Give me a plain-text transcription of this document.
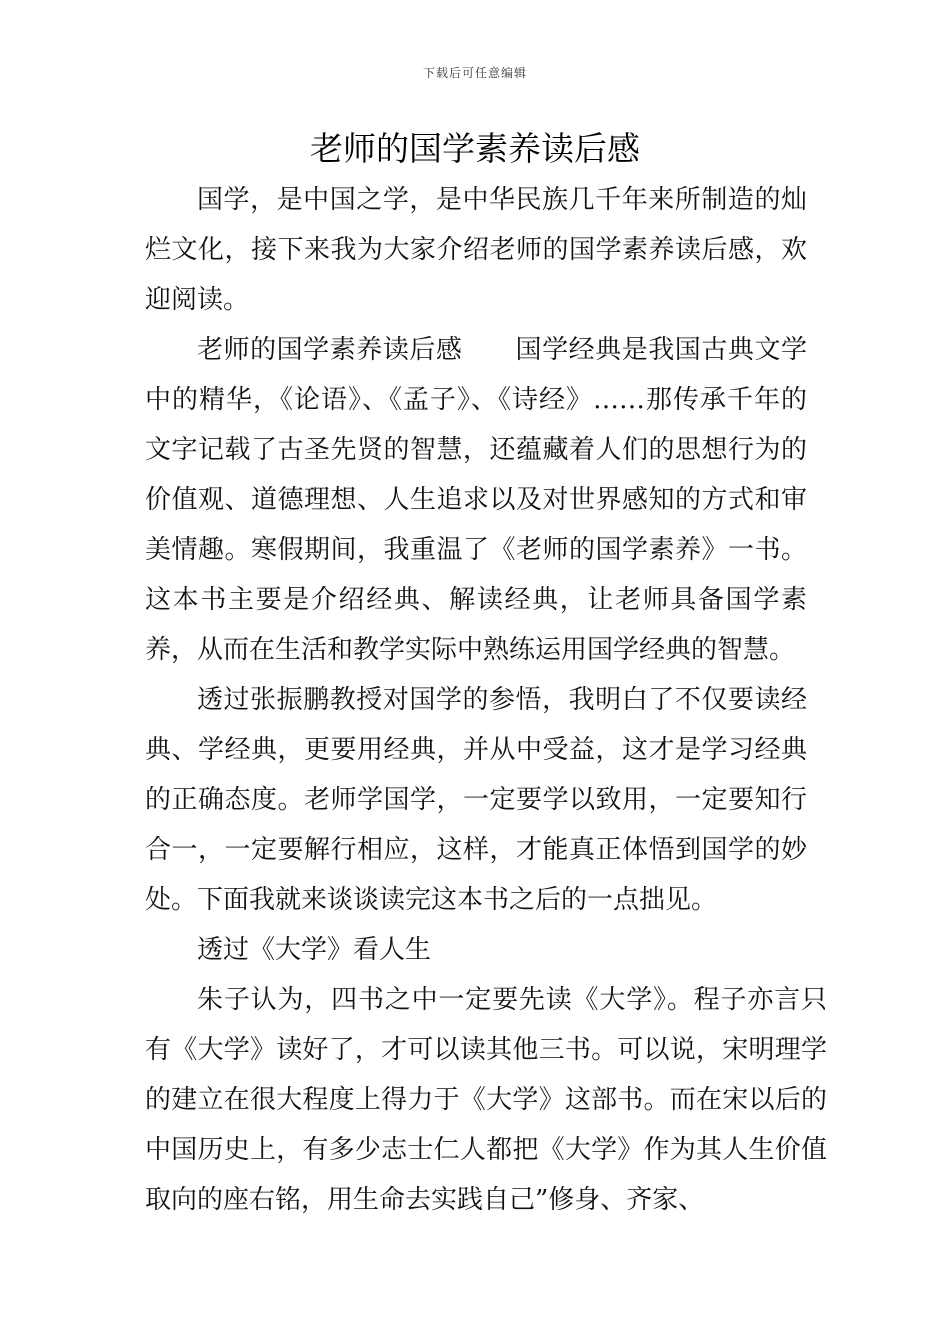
下载后可任意编辑
老师的国学素养读后感

国学，是中国之学，是中华民族几千年来所制造的灿烂文化，接下来我为大家介绍老师的国学素养读后感，欢迎阅读。

老师的国学素养读后感　　国学经典是我国古典文学中的精华，《论语》、《孟子》、《诗经》……那传承千年的文字记载了古圣先贤的智慧，还蕴藏着人们的思想行为的价值观、道德理想、人生追求以及对世界感知的方式和审美情趣。寒假期间，我重温了《老师的国学素养》一书。这本书主要是介绍经典、解读经典，让老师具备国学素养，从而在生活和教学实际中熟练运用国学经典的智慧。

透过张振鹏教授对国学的参悟，我明白了不仅要读经典、学经典，更要用经典，并从中受益，这才是学习经典的正确态度。老师学国学，一定要学以致用，一定要知行合一，一定要解行相应，这样，才能真正体悟到国学的妙处。下面我就来谈谈读完这本书之后的一点拙见。

透过《大学》看人生

朱子认为，四书之中一定要先读《大学》。程子亦言只有《大学》读好了，才可以读其他三书。可以说，宋明理学的建立在很大程度上得力于《大学》这部书。而在宋以后的中国历史上，有多少志士仁人都把《大学》作为其人生价值取向的座右铭，用生命去实践自己”修身、齐家、
